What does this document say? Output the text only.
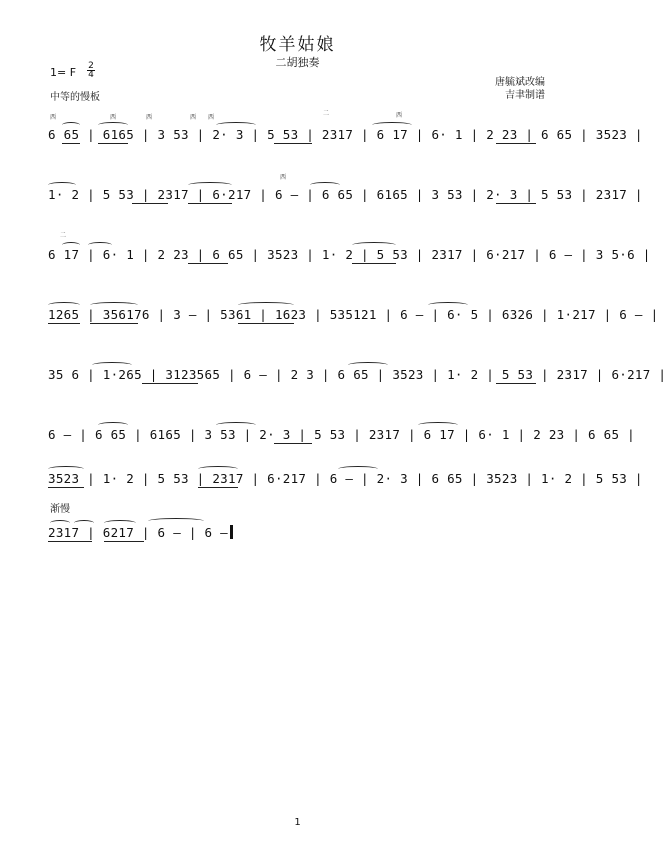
牧羊姑娘
二胡独奏
1= F 2
4
中等的慢板
唐毓斌改编
吉聿制谱
西	西	西	西 西	西
二
6 65 | 6165 | 3 53 | 2· 3 | 5 53 | 2317 | 6 17 | 6· 1 | 2 23 | 6 65 | 3523 |
西
1· 2 | 5 53 | 2317 | 6·217 | 6 – | 6 65 | 6165 | 3 53 | 2· 3 | 5 53 | 2317 |
二
6 17 | 6· 1 | 2 23 | 6 65 | 3523 | 1· 2 | 5 53 | 2317 | 6·217 | 6 – | 3 5·6 |
1265 | 356176 | 3 – | 5361 | 1623 | 535121 | 6 – | 6· 5 | 6326 | 1·217 | 6 – |
35 6 | 1·265 | 3123565 | 6 – | 2 3 | 6 65 | 3523 | 1· 2 | 5 53 | 2317 | 6·217 |
6 – | 6 65 | 6165 | 3 53 | 2· 3 | 5 53 | 2317 | 6 17 | 6· 1 | 2 23 | 6 65 |
3523 | 1· 2 | 5 53 | 2317 | 6·217 | 6 – | 2· 3 | 6 65 | 3523 | 1· 2 | 5 53 |
渐慢
2317 | 6217 | 6 – | 6 –
1
